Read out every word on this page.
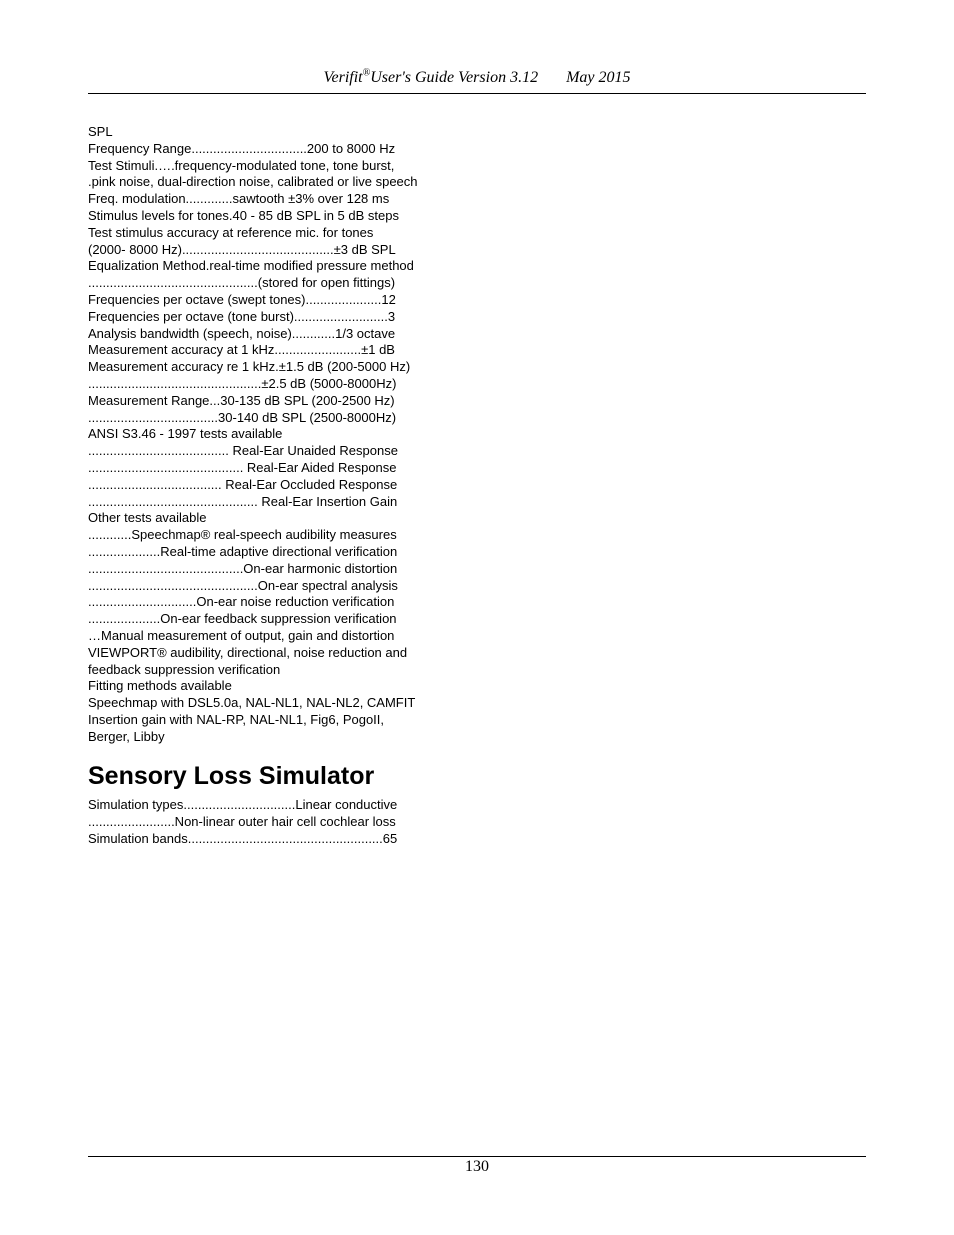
Verifit®User's Guide Version 3.12 May 2015
SPL
Frequency Range................................200 to 8000 Hz
Test Stimuli.….frequency-modulated tone, tone burst,
.pink noise, dual-direction noise, calibrated or live speech
Freq. modulation.............sawtooth ±3% over 128 ms
Stimulus levels for tones.40 - 85 dB SPL in 5 dB steps
Test stimulus accuracy at reference mic. for tones
(2000- 8000 Hz)..........................................±3 dB SPL
Equalization Method.real-time modified pressure method
...............................................(stored for open fittings)
Frequencies per octave (swept tones).....................12
Frequencies per octave (tone burst)..........................3
Analysis bandwidth (speech, noise)............1/3 octave
Measurement accuracy at 1 kHz........................±1 dB
Measurement accuracy re 1 kHz.±1.5 dB (200-5000 Hz)
................................................±2.5 dB (5000-8000Hz)
Measurement Range...30-135 dB SPL (200-2500 Hz)
....................................30-140 dB SPL (2500-8000Hz)
ANSI S3.46 - 1997 tests available
....................................... Real-Ear Unaided Response
........................................... Real-Ear Aided Response
..................................... Real-Ear Occluded Response
............................................... Real-Ear Insertion Gain
Other tests available
............Speechmap® real-speech audibility measures
....................Real-time adaptive directional verification
...........................................On-ear harmonic distortion
...............................................On-ear spectral analysis
..............................On-ear noise reduction verification
....................On-ear feedback suppression verification
…Manual measurement of output, gain and distortion
VIEWPORT® audibility, directional, noise reduction and
feedback suppression verification
Fitting methods available
Speechmap with DSL5.0a, NAL-NL1, NAL-NL2, CAMFIT
Insertion gain with NAL-RP, NAL-NL1, Fig6, PogoII,
Berger, Libby
Sensory Loss Simulator
Simulation types...............................Linear conductive
........................Non-linear outer hair cell cochlear loss
Simulation bands......................................................65
130
